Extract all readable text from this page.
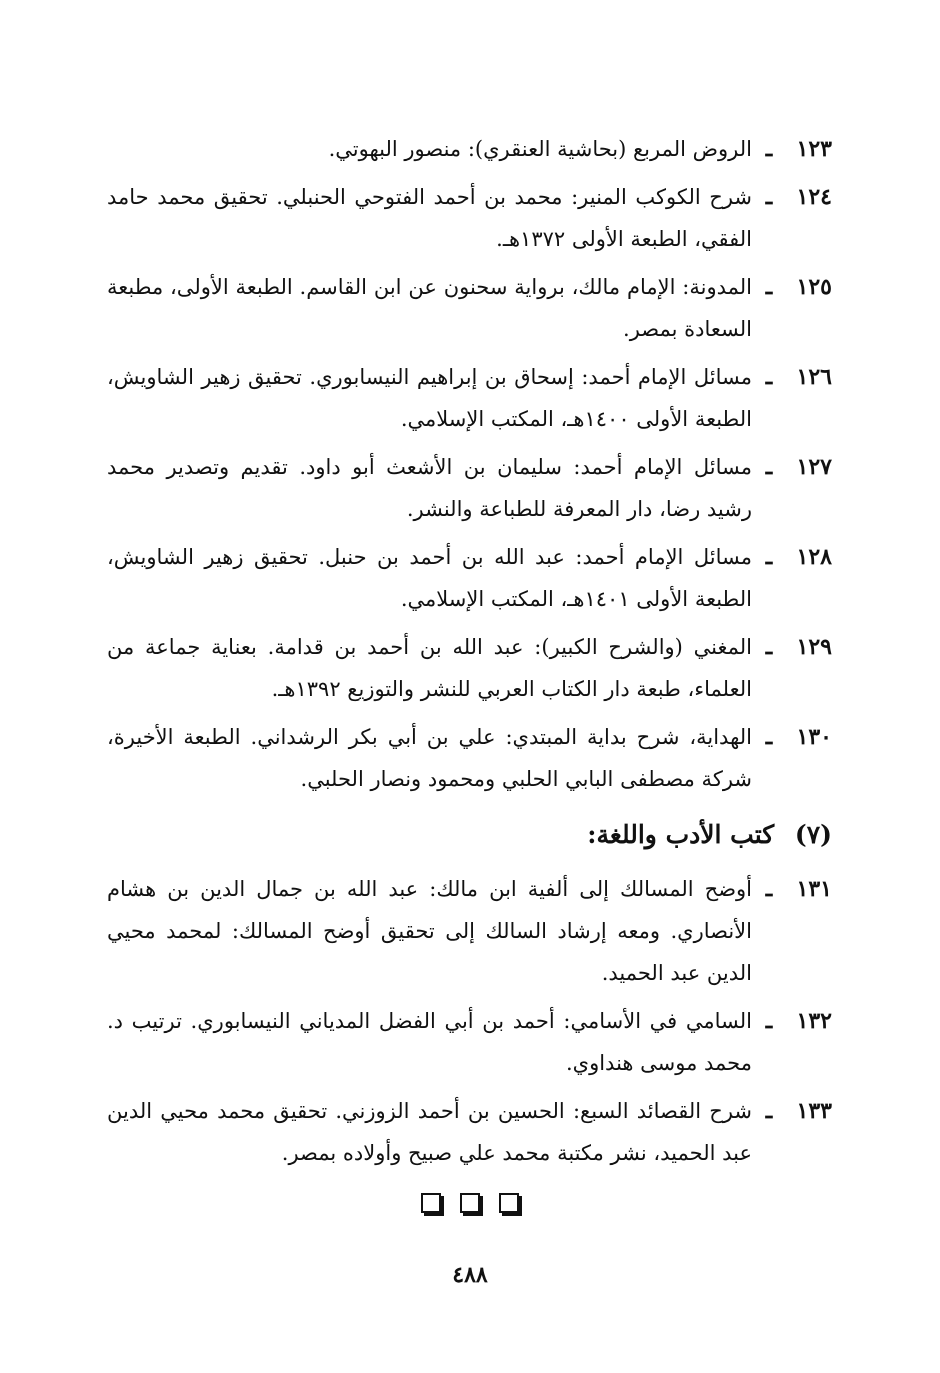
١٢٣
ـ
الروض المربع (بحاشية العنقري): منصور البهوتي.
١٢٤
ـ
شرح الكوكب المنير: محمد بن أحمد الفتوحي الحنبلي. تحقيق محمد حامد الفقي، الطبعة الأولى ١٣٧٢هـ.
١٢٥
ـ
المدونة: الإمام مالك، برواية سحنون عن ابن القاسم. الطبعة الأولى، مطبعة السعادة بمصر.
١٢٦
ـ
مسائل الإمام أحمد: إسحاق بن إبراهيم النيسابوري. تحقيق زهير الشاويش، الطبعة الأولى ١٤٠٠هـ، المكتب الإسلامي.
١٢٧
ـ
مسائل الإمام أحمد: سليمان بن الأشعث أبو داود. تقديم وتصدير محمد رشيد رضا، دار المعرفة للطباعة والنشر.
١٢٨
ـ
مسائل الإمام أحمد: عبد الله بن أحمد بن حنبل. تحقيق زهير الشاويش، الطبعة الأولى ١٤٠١هـ، المكتب الإسلامي.
١٢٩
ـ
المغني (والشرح الكبير): عبد الله بن أحمد بن قدامة. بعناية جماعة من العلماء، طبعة دار الكتاب العربي للنشر والتوزيع ١٣٩٢هـ.
١٣٠
ـ
الهداية، شرح بداية المبتدي: علي بن أبي بكر الرشداني. الطبعة الأخيرة، شركة مصطفى البابي الحلبي ومحمود ونصار الحلبي.
(٧) كتب الأدب واللغة:
١٣١
ـ
أوضح المسالك إلى ألفية ابن مالك: عبد الله بن جمال الدين بن هشام الأنصاري. ومعه إرشاد السالك إلى تحقيق أوضح المسالك: لمحمد محيي الدين عبد الحميد.
١٣٢
ـ
السامي في الأسامي: أحمد بن أبي الفضل المدياني النيسابوري. ترتيب د. محمد موسى هنداوي.
١٣٣
ـ
شرح القصائد السبع: الحسين بن أحمد الزوزني. تحقيق محمد محيي الدين عبد الحميد، نشر مكتبة محمد علي صبيح وأولاده بمصر.

٤٨٨
